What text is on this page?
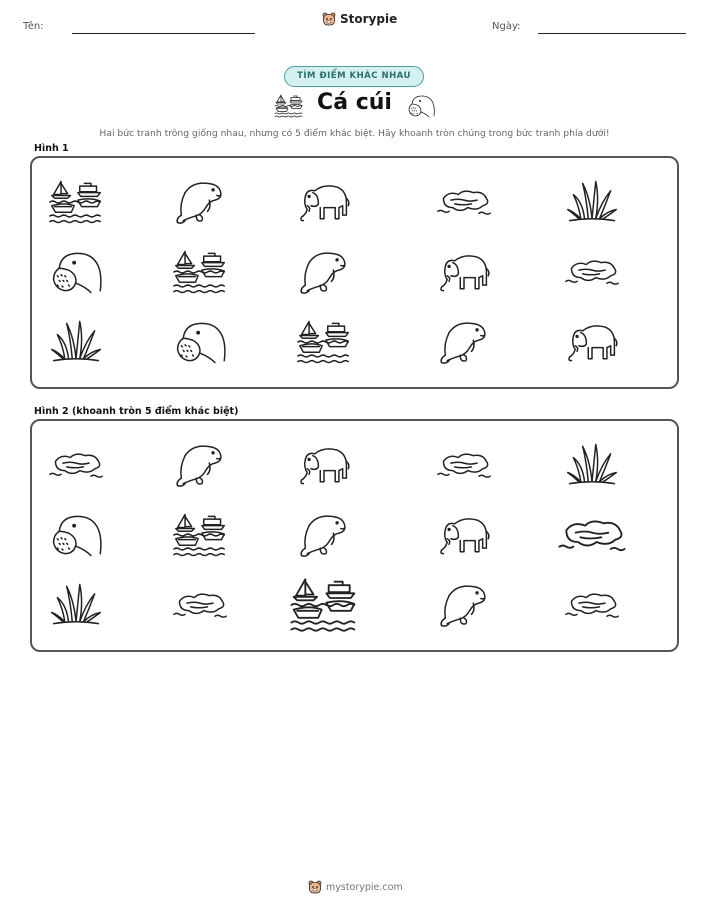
Tên:
Storypie
Ngày:
TÌM ĐIỂM KHÁC NHAU
Cá cúi
Hai bức tranh trông giống nhau, nhưng có 5 điểm khác biệt. Hãy khoanh tròn chúng trong bức tranh phía dưới!
Hình 1
Hình 2 (khoanh tròn 5 điểm khác biệt)
mystorypie.com
